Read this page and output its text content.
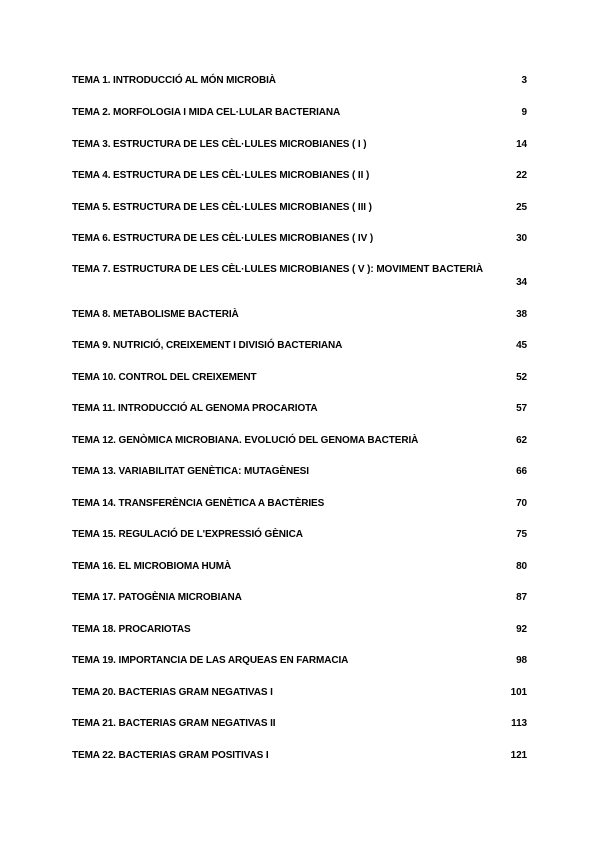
TEMA 1. INTRODUCCIÓ AL MÓN MICROBIÀ	3
TEMA 2. MORFOLOGIA I MIDA CEL·LULAR BACTERIANA	9
TEMA 3. ESTRUCTURA DE LES CÈL·LULES MICROBIANES ( I )	14
TEMA 4. ESTRUCTURA DE LES CÈL·LULES MICROBIANES ( II )	22
TEMA 5. ESTRUCTURA DE LES CÈL·LULES MICROBIANES ( III )	25
TEMA 6. ESTRUCTURA DE LES CÈL·LULES MICROBIANES ( IV )	30
TEMA 7. ESTRUCTURA DE LES CÈL·LULES MICROBIANES ( V ): MOVIMENT BACTERIÀ
34
TEMA 8. METABOLISME BACTERIÀ	38
TEMA 9. NUTRICIÓ, CREIXEMENT I DIVISIÓ BACTERIANA	45
TEMA 10. CONTROL DEL CREIXEMENT	52
TEMA 11. INTRODUCCIÓ AL GENOMA PROCARIOTA	57
TEMA 12. GENÒMICA MICROBIANA. EVOLUCIÓ DEL GENOMA BACTERIÀ	62
TEMA 13. VARIABILITAT GENÈTICA: MUTAGÈNESI	66
TEMA 14. TRANSFERÈNCIA GENÈTICA A BACTÈRIES	70
TEMA 15. REGULACIÓ DE L'EXPRESSIÓ GÈNICA	75
TEMA 16. EL MICROBIOMA HUMÀ	80
TEMA 17. PATOGÈNIA MICROBIANA	87
TEMA 18. PROCARIOTAS	92
TEMA 19. IMPORTANCIA DE LAS ARQUEAS EN FARMACIA	98
TEMA 20. BACTERIAS GRAM NEGATIVAS I	101
TEMA 21. BACTERIAS GRAM NEGATIVAS II	113
TEMA 22. BACTERIAS GRAM POSITIVAS I	121
